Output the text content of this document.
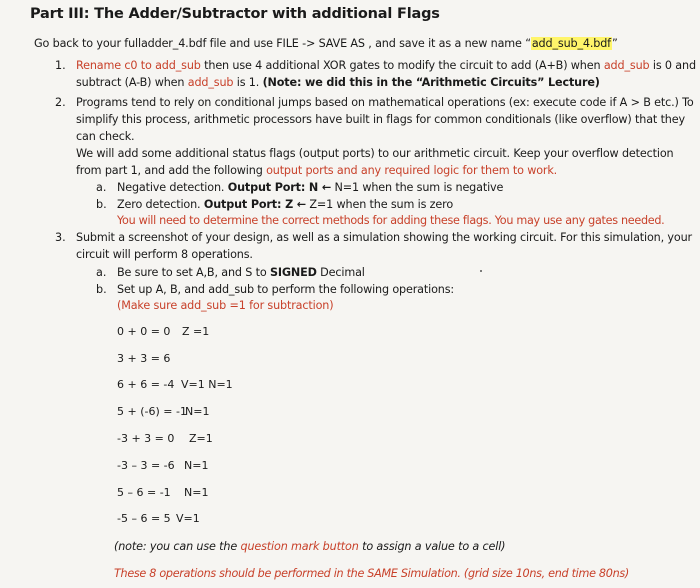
Part III: The Adder/Subtractor with additional Flags
Go back to your fulladder_4.bdf file and use FILE -> SAVE AS , and save it as a new name “add_sub_4.bdf”
1. Rename c0 to add_sub then use 4 additional XOR gates to modify the circuit to add (A+B) when add_sub is 0 and
subtract (A-B) when add_sub is 1. (Note: we did this in the “Arithmetic Circuits” Lecture)
2. Programs tend to rely on conditional jumps based on mathematical operations (ex: execute code if A > B etc.) To
simplify this process, arithmetic processors have built in flags for common conditionals (like overflow) that they
can check.
We will add some additional status flags (output ports) to our arithmetic circuit. Keep your overflow detection
from part 1, and add the following output ports and any required logic for them to work.
a. Negative detection. Output Port: N ← N=1 when the sum is negative
b. Zero detection. Output Port: Z ← Z=1 when the sum is zero
You will need to determine the correct methods for adding these flags. You may use any gates needed.
3. Submit a screenshot of your design, as well as a simulation showing the working circuit. For this simulation, your
circuit will perform 8 operations.
a. Be sure to set A,B, and S to SIGNED Decimal
b. Set up A, B, and add_sub to perform the following operations:
(Make sure add_sub =1 for subtraction)
0 + 0 = 0 Z =1
3 + 3 = 6
6 + 6 = -4 V=1 N=1
5 + (-6) = -1
N=1
-3 + 3 = 0 Z=1
-3 – 3 = -6 N=1
5 – 6 = -1 N=1
-5 – 6 = 5 V=1
(note: you can use the question mark button to assign a value to a cell)
These 8 operations should be performed in the SAME Simulation. (grid size 10ns, end time 80ns)
